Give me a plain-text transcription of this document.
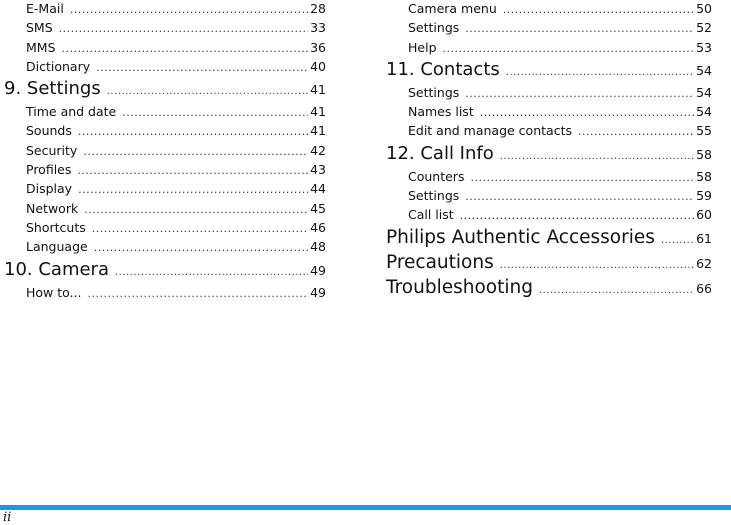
E-Mail .....	28
SMS .....	33
MMS .....	36
Dictionary .....	40
9. Settings .....	41
Time and date .....	41
Sounds .....	41
Security .....	42
Profiles .....	43
Display .....	44
Network .....	45
Shortcuts .....	46
Language .....	48
10. Camera .....	49
How to... .....	49
Camera menu .....	50
Settings .....	52
Help .....	53
11. Contacts .....	54
Settings .....	54
Names list .....	54
Edit and manage contacts .....	55
12. Call Info .....	58
Counters .....	58
Settings .....	59
Call list .....	60
Philips Authentic Accessories .....	61
Precautions .....	62
Troubleshooting .....	66
ii
